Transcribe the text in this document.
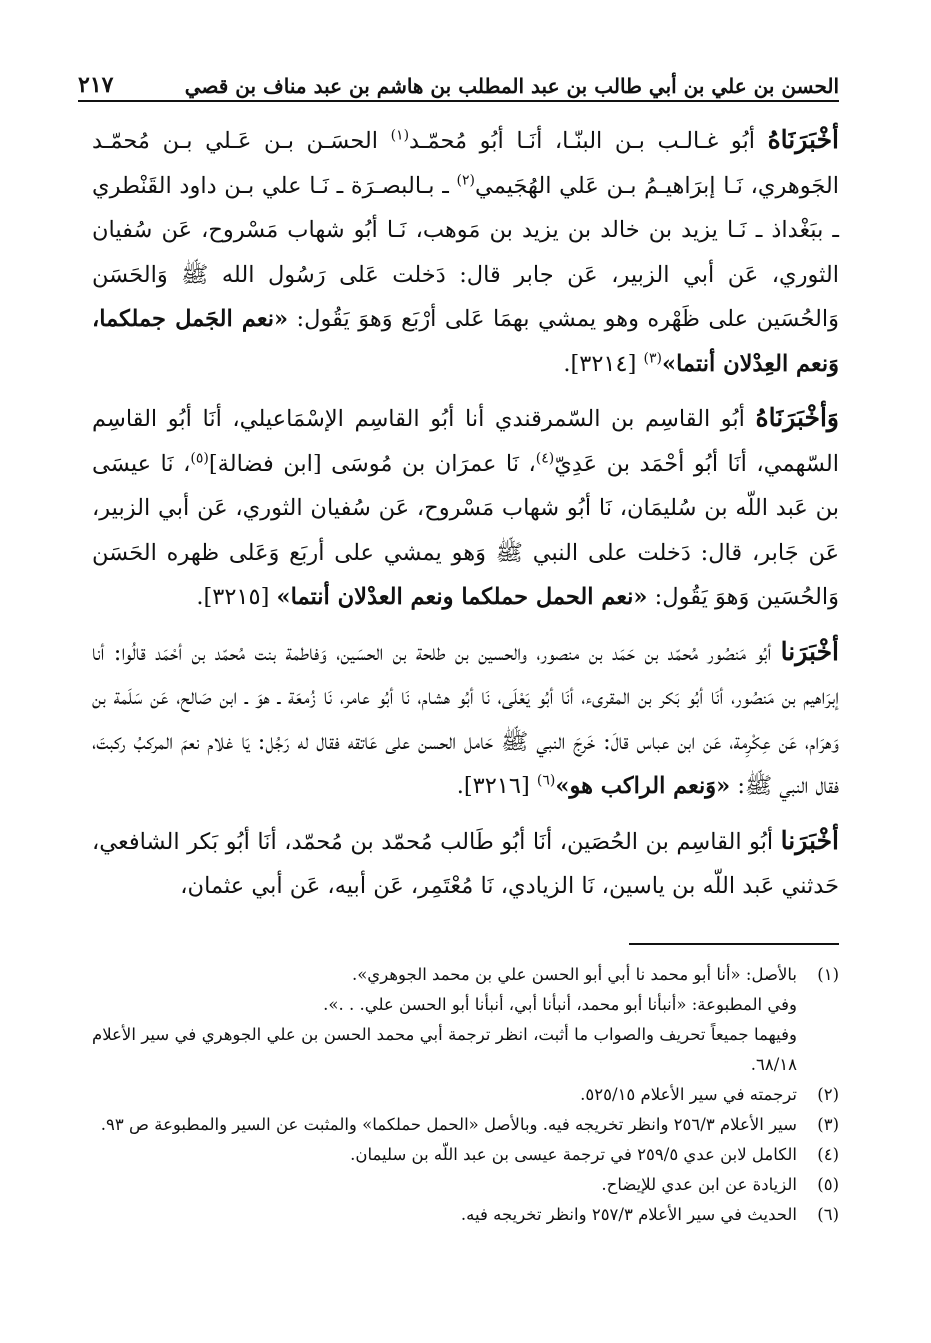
الحسن بن علي بن أبي طالب بن عبد المطلب بن هاشم بن عبد مناف بن قصي
٢١٧

أخْبَرَنَاهُ أبُو غـالـب بـن البنّـا، أنَـا أبُو مُحمّـد$^{(١)}$ الحسَـن بـن عَـلي بـن مُحمّـد الجَوهري، نَـا إبرَاهيـمُ بـن عَلي الهُجَيمي$^{(٢)}$ ـ بـالبصـرَة ـ نَـا علي بـن داود القَنْطري ـ ببَغْداذ ـ نَـا يزيد بن خالد بن يزيد بن مَوهب، نَـا أبُو شهاب مَسْروح، عَن سُفيان الثوري، عَن أبي الزبير، عَن جابر قال: دَخلت عَلى رَسُول الله ﷺ وَالحَسَن وَالحُسَين على ظَهْره وهو يمشي بهمَا عَلى أرْبَع وَهوَ يَقُول: «نعم الجَمل جملكما، وَنعم العِدْلان أنتما»$^{(٣)}$ [٣٢١٤].

وَأخْبَرَنَاهُ أبُو القاسِم بن السّمرقندي أنا أبُو القاسِم الإسْمَاعيلي، أنَا أبُو القاسِم السّهمي، أنَا أبُو أحْمَد بن عَدِيّ$^{(٤)}$، نَا عمرَان بن مُوسَى [ابن فضالة]$^{(٥)}$، نَا عيسَى بن عَبد اللّه بن سُليمَان، نَا أبُو شهاب مَسْروح، عَن سُفيان الثوري، عَن أبي الزبير، عَن جَابر، قال: دَخلت على النبي ﷺ وَهو يمشي على أربَع وَعَلى ظهره الحَسَن وَالحُسَين وَهوَ يَقُول: «نعم الحمل حملكما ونعم العدْلان أنتما» [٣٢١٥].

أخْبَرَنا أبُو مَنصُور مُحمّد بن حَمَد بن منصور، والحسين بن طلحة بن الحسَين، وَفاطمة بنت مُحمّد بن أحْمَد قالُوا: أنا إبرَاهيم بن مَنصُور، أنَا أبُو بَكر بن المقرىء، أنَا أبُو يَعْلَى، نَا أبُو هشام، نَا أبُو عامر، نَا زُمعَة ـ هوَ ـ ابن صَالح، عَن سَلَمة بن وَهرَام، عَن عِكْرِمة، عَن ابن عباس قالَ: خَرجَ النبي ﷺ حَامل الحسن على عَاتقه فقال له رَجُل: يَا غلام نعمَ المركبُ ركبتَ، فقال النبي ﷺ: «وَنعم الراكب هو»$^{(٦)}$ [٣٢١٦].

أخْبَرَنا أبُو القاسِم بن الحُصَين، أنَا أبُو طَالب مُحمّد بن مُحمّد، أنَا أبُو بَكر الشافعي، حَدثني عَبد اللّه بن ياسين، نَا الزيادي، نَا مُعْتَمِر، عَن أبيه، عَن أبي عثمان،

(١)
بالأصل: «أنا أبو محمد نا أبي أبو الحسن علي بن محمد الجوهري».
وفي المطبوعة: «أنبأنا أبو محمد، أنبأنا أبي، أنبأنا أبو الحسن علي. . .».
وفيهما جميعاً تحريف والصواب ما أثبت، انظر ترجمة أبي محمد الحسن بن علي الجوهري في سير الأعلام ٦٨/١٨.
(٢)
ترجمته في سير الأعلام ٥٢٥/١٥.
(٣)
سير الأعلام ٢٥٦/٣ وانظر تخريجه فيه. وبالأصل «الحمل حملكما» والمثبت عن السير والمطبوعة ص ٩٣.
(٤)
الكامل لابن عدي ٢٥٩/٥ في ترجمة عيسى بن عبد اللّه بن سليمان.
(٥)
الزيادة عن ابن عدي للإيضاح.
(٦)
الحديث في سير الأعلام ٢٥٧/٣ وانظر تخريجه فيه.
